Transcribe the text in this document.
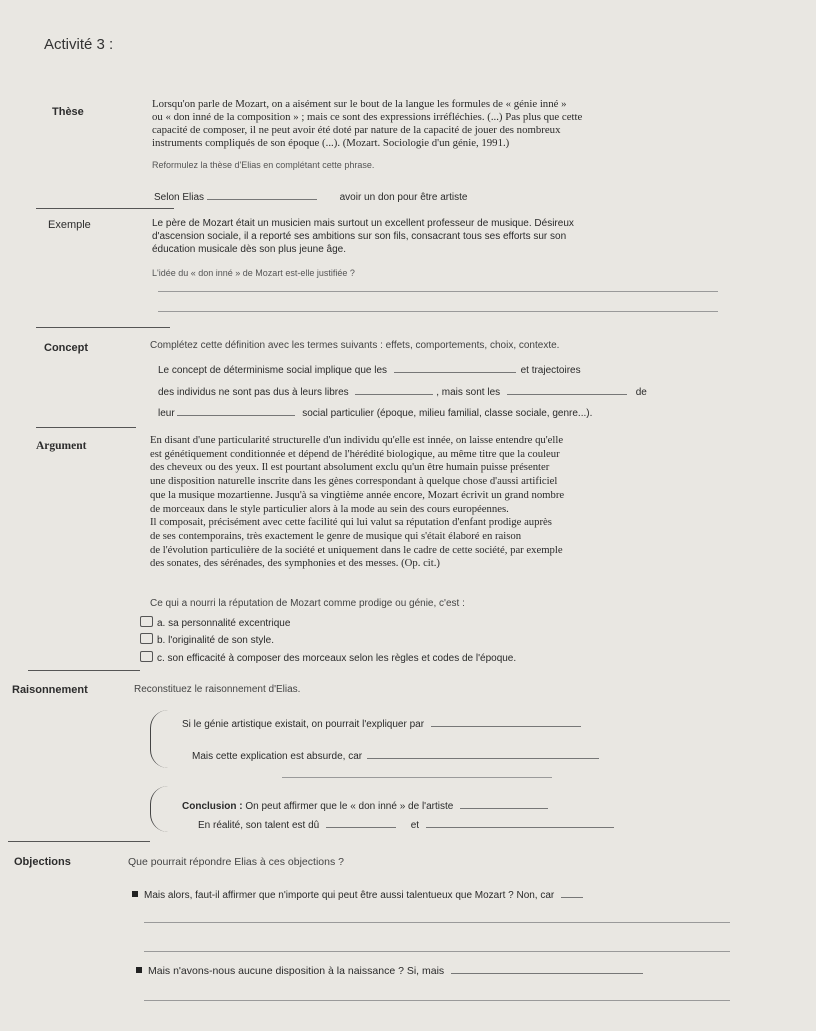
Activité 3 :
Thèse
Lorsqu'on parle de Mozart, on a aisément sur le bout de la langue les formules de « génie inné »
ou « don inné de la composition » ; mais ce sont des expressions irréfléchies. (...) Pas plus que cette
capacité de composer, il ne peut avoir été doté par nature de la capacité de jouer des nombreux
instruments compliqués de son époque (...). (Mozart. Sociologie d'un génie, 1991.)
Reformulez la thèse d'Elias en complétant cette phrase.
Selon Elias	avoir un don pour être artiste
Exemple	Le père de Mozart était un musicien mais surtout un excellent professeur de musique. Désireux
d'ascension sociale, il a reporté ses ambitions sur son fils, consacrant tous ses efforts sur son
éducation musicale dès son plus jeune âge.
L'idée du « don inné » de Mozart est-elle justifiée ?
Concept	Complétez cette définition avec les termes suivants : effets, comportements, choix, contexte.
Le concept de déterminisme social implique que les	et trajectoires
des individus ne sont pas dus à leurs libres	, mais sont les	de
leur	social particulier (époque, milieu familial, classe sociale, genre...).
Argument	En disant d'une particularité structurelle d'un individu qu'elle est innée, on laisse entendre qu'elle
est génétiquement conditionnée et dépend de l'hérédité biologique, au même titre que la couleur
des cheveux ou des yeux. Il est pourtant absolument exclu qu'un être humain puisse présenter
une disposition naturelle inscrite dans les gènes correspondant à quelque chose d'aussi artificiel
que la musique mozartienne. Jusqu'à sa vingtième année encore, Mozart écrivit un grand nombre
de morceaux dans le style particulier alors à la mode au sein des cours européennes.
Il composait, précisément avec cette facilité qui lui valut sa réputation d'enfant prodige auprès
de ses contemporains, très exactement le genre de musique qui s'était élaboré en raison
de l'évolution particulière de la société et uniquement dans le cadre de cette société, par exemple
des sonates, des sérénades, des symphonies et des messes. (Op. cit.)
Ce qui a nourri la réputation de Mozart comme prodige ou génie, c'est :
a. sa personnalité excentrique
b. l'originalité de son style.
c. son efficacité à composer des morceaux selon les règles et codes de l'époque.
Raisonnement	Reconstituez le raisonnement d'Elias.
Si le génie artistique existait, on pourrait l'expliquer par
Mais cette explication est absurde, car
Conclusion : On peut affirmer que le « don inné » de l'artiste
En réalité, son talent est dû	et
Objections	Que pourrait répondre Elias à ces objections ?
Mais alors, faut-il affirmer que n'importe qui peut être aussi talentueux que Mozart ? Non, car
Mais n'avons-nous aucune disposition à la naissance ? Si, mais
